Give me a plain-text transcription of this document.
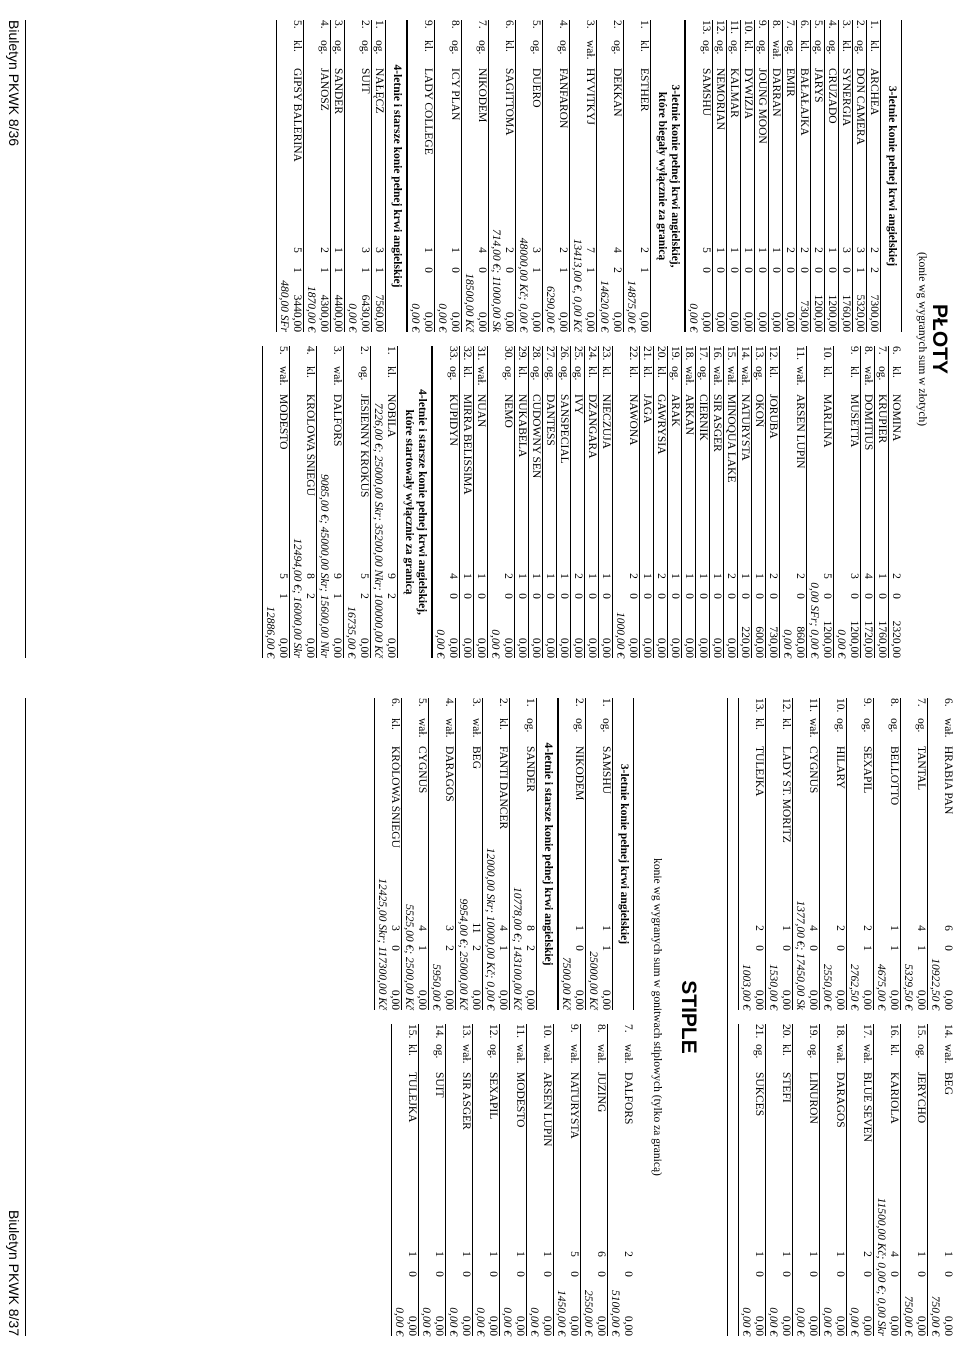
PŁOTY
(konie wg wygranych sum w złotych)
3-letnie konie pełnej krwi angielskiej
1.
kl.
ARCHEA
2
2
7300,00
2.
og.
DON CAMERA
3
1
5320,00
3.
kl.
SYNERGIA
3
0
1760,00
4.
og.
CRUZADO
1
0
1200,00
5.
og.
JARYS
2
0
1200,00
6.
kl.
BAŁAŁAJKA
2
0
730,00
7.
og.
EMIR
2
0
0,00
8.
wał.
DARRAN
1
0
0,00
9.
og.
JOUNG MOON
1
0
0,00
10.
kl.
DYWIZJA
1
0
0,00
11.
og.
KALMAR
1
0
0,00
12.
og.
NEMORIAN
1
0
0,00
13.
og.
SAMSHU
5
0
0,00
0,00 €
3-letnie konie pełnej krwi angielskiej,
które biegały wyłącznie za granicą
1.
kl.
ESTHER
2
1
0,00
14875,00 €
2.
og.
DEKKAN
4
2
0,00
14620,00 €
3.
wał.
HYVITKYJ
7
1
0,00
13413,00 €, 0,00 Kč
4.
og.
FANFARON
2
1
0,00
6290,00 €
5.
og.
DUERO
3
1
0,00
48000,00 Kč; 0,00 €
6.
kl.
SAGITTOMA
2
0
0,00
714,00 €; 11000,00 Sk
7.
og.
NIKODEM
4
0
0,00
18500,00 Kč
8.
og.
ICY PLAN
1
0
0,00
0,00 €
9.
kl.
LADY COLLEGE
1
0
0,00
0,00 €
4-letnie i starsze konie pełnej krwi angielskiej
1.
og.
NAŁĘCZ
3
1
7560,00
2.
og.
SUIT
3
1
6430,00
0,00 €
3.
og.
SANDER
1
1
4400,00
4.
og.
JANOSZ
2
1
4300,00
1870,00 €
5.
kl.
GIPSY BALERINA
5
1
3440,00
480,00 SFr
6.
kl.
NOMINA
2
0
2320,00
7.
og.
KRUPIER
1
0
1760,00
8.
wał.
DOMITIUS
4
0
1720,00
9.
kl.
MUSETTA
3
0
1200,00
0,00 €
10.
kl.
MARLINA
5
0
1200,00
0,00 SFr; 0,00 €
11.
wał.
ARSEN LUPIN
2
0
860,00
0,00 €
12.
kl.
JORUBA
2
0
730,00
13.
og.
OKOŃ
1
0
600,00
14.
wał.
NATURYSTA
1
0
220,00
15.
wał.
MINOQUA LAKE
2
0
0,00
16.
wał.
SIR ASGER
1
0
0,00
17.
og.
CIERNIK
1
0
0,00
18.
wał.
ARKAN
1
0
0,00
19.
og.
ARAK
1
0
0,00
20.
kl.
GAWRYSIA
2
0
0,00
21.
kl.
JAGA
1
0
0,00
22.
kl.
NAWONA
2
0
0,00
1000,00 €
23.
kl.
NIECZUJA
1
0
0,00
24.
kl.
DŻANGARA
1
0
0,00
25.
og.
IVY
2
0
0,00
26.
og.
SANSPECIAL
1
0
0,00
27.
og.
DANTESS
1
0
0,00
28.
og.
CUDOWNY SEN
1
0
0,00
29.
kl.
NUKABELA
1
0
0,00
30.
og.
NEMO
2
0
0,00
0,00 €
31.
wał.
NUAN
1
0
0,00
32.
kl.
MIRRA BELISSIMA
1
0
0,00
33.
og.
KUPIDYN
4
0
0,00
0,00 €
4-letnie i starsze konie pełnej krwi angielskiej,
które startowały wyłącznie za granicą
1.
kl.
NOBILA
9
2
0,00
7226,00 €; 25000,00 Skr; 35200,00 Nkr; 100000,00 Kč
2.
og.
JESIENNY KROKUS
5
2
0,00
16735,00 €
3.
wał.
DALFORS
9
1
0,00
9085,00 €; 45000,00 Skr; 15600,00 Nkr
4.
kl.
KRÓLOWA ŚNIEGU
8
2
0,00
12494,00 €; 16000,00 Skr
5.
wał.
MODESTO
5
1
0,00
12886,00 €
Biuletyn PKWK 8/36
6.
wał.
HRABIA PAN
6
0
0,00
10922,50 €
7.
og.
TANTAL
4
1
0,00
5329,50 €
8.
og.
BELLOTTO
1
1
0,00
4675,00 €
9.
og.
SEXAPIL
2
1
0,00
2762,50 €
10.
og.
HILARY
2
0
0,00
2550,00 €
11.
wał.
CYGNUS
4
0
0,00
1377,00 €; 17450,00 Sk
12.
kl.
LADY ST. MORITZ
1
0
0,00
1530,00 €
13.
kl.
TULEJKA
2
0
0,00
1003,00 €
14.
wał.
BEG
1
0
0,00
750,00 €
15.
og.
JERYCHO
1
0
0,00
750,00 €
16.
kl.
KARIOLA
4
0
0,00
11500,00 Kč; 0,00 €; 0,00 Skr
17.
wał.
BLUE SEVEN
2
0
0,00
0,00 €
18.
wał.
DARAGOS
1
0
0,00
0,00 €
19.
og.
LINURON
1
0
0,00
0,00 €
20.
kl.
STEFI
1
0
0,00
0,00 €
21.
og.
SUKCES
1
0
0,00
0,00 €
STIPLE
konie wg wygranych sum w gonitwach stiplowych (tylko za granicą)
3-letnie konie pełnej krwi angielskiej
1.
og.
SAMSHU
1
1
0,00
25000,00 Kč
2.
og.
NIKODEM
1
0
0,00
7500,00 Kč
4-letnie i starsze konie pełnej krwi angielskiej
1.
og.
SANDER
8
2
0,00
10778,00 €; 143100,00 Kč
2.
kl.
FANTI DANCER
4
1
0,00
12000,00 Skr; 10000,00 Kč; 0,00 €
3.
wał.
BEG
11
2
0,00
9954,00 €; 25000,00 Kč
4.
wał.
DARAGOS
3
2
0,00
5950,00 €
5.
wał.
CYGNUS
4
1
0,00
5525,00 €; 2500,00 Kč
6.
kl.
KRÓLOWA ŚNIEGU
3
0
0,00
12425,00 Skr; 117300,00 Kč
7.
wał.
DALFORS
2
0
0,00
5100,00 €
8.
wał.
JUZING
6
0
0,00
2550,00 €
9.
wał.
NATURYSTA
5
0
0,00
1450,00 €
10.
wał.
ARSEN LUPIN
1
0
0,00
0,00 €
11.
wał.
MODESTO
1
0
0,00
0,00 €
12.
og.
SEXAPIL
1
0
0,00
0,00 €
13.
wał.
SIR ASGER
1
0
0,00
0,00 €
14.
og.
SUIT
1
0
0,00
0,00 €
15.
kl.
TULEJKA
1
0
0,00
0,00 €
Biuletyn PKWK 8/37
